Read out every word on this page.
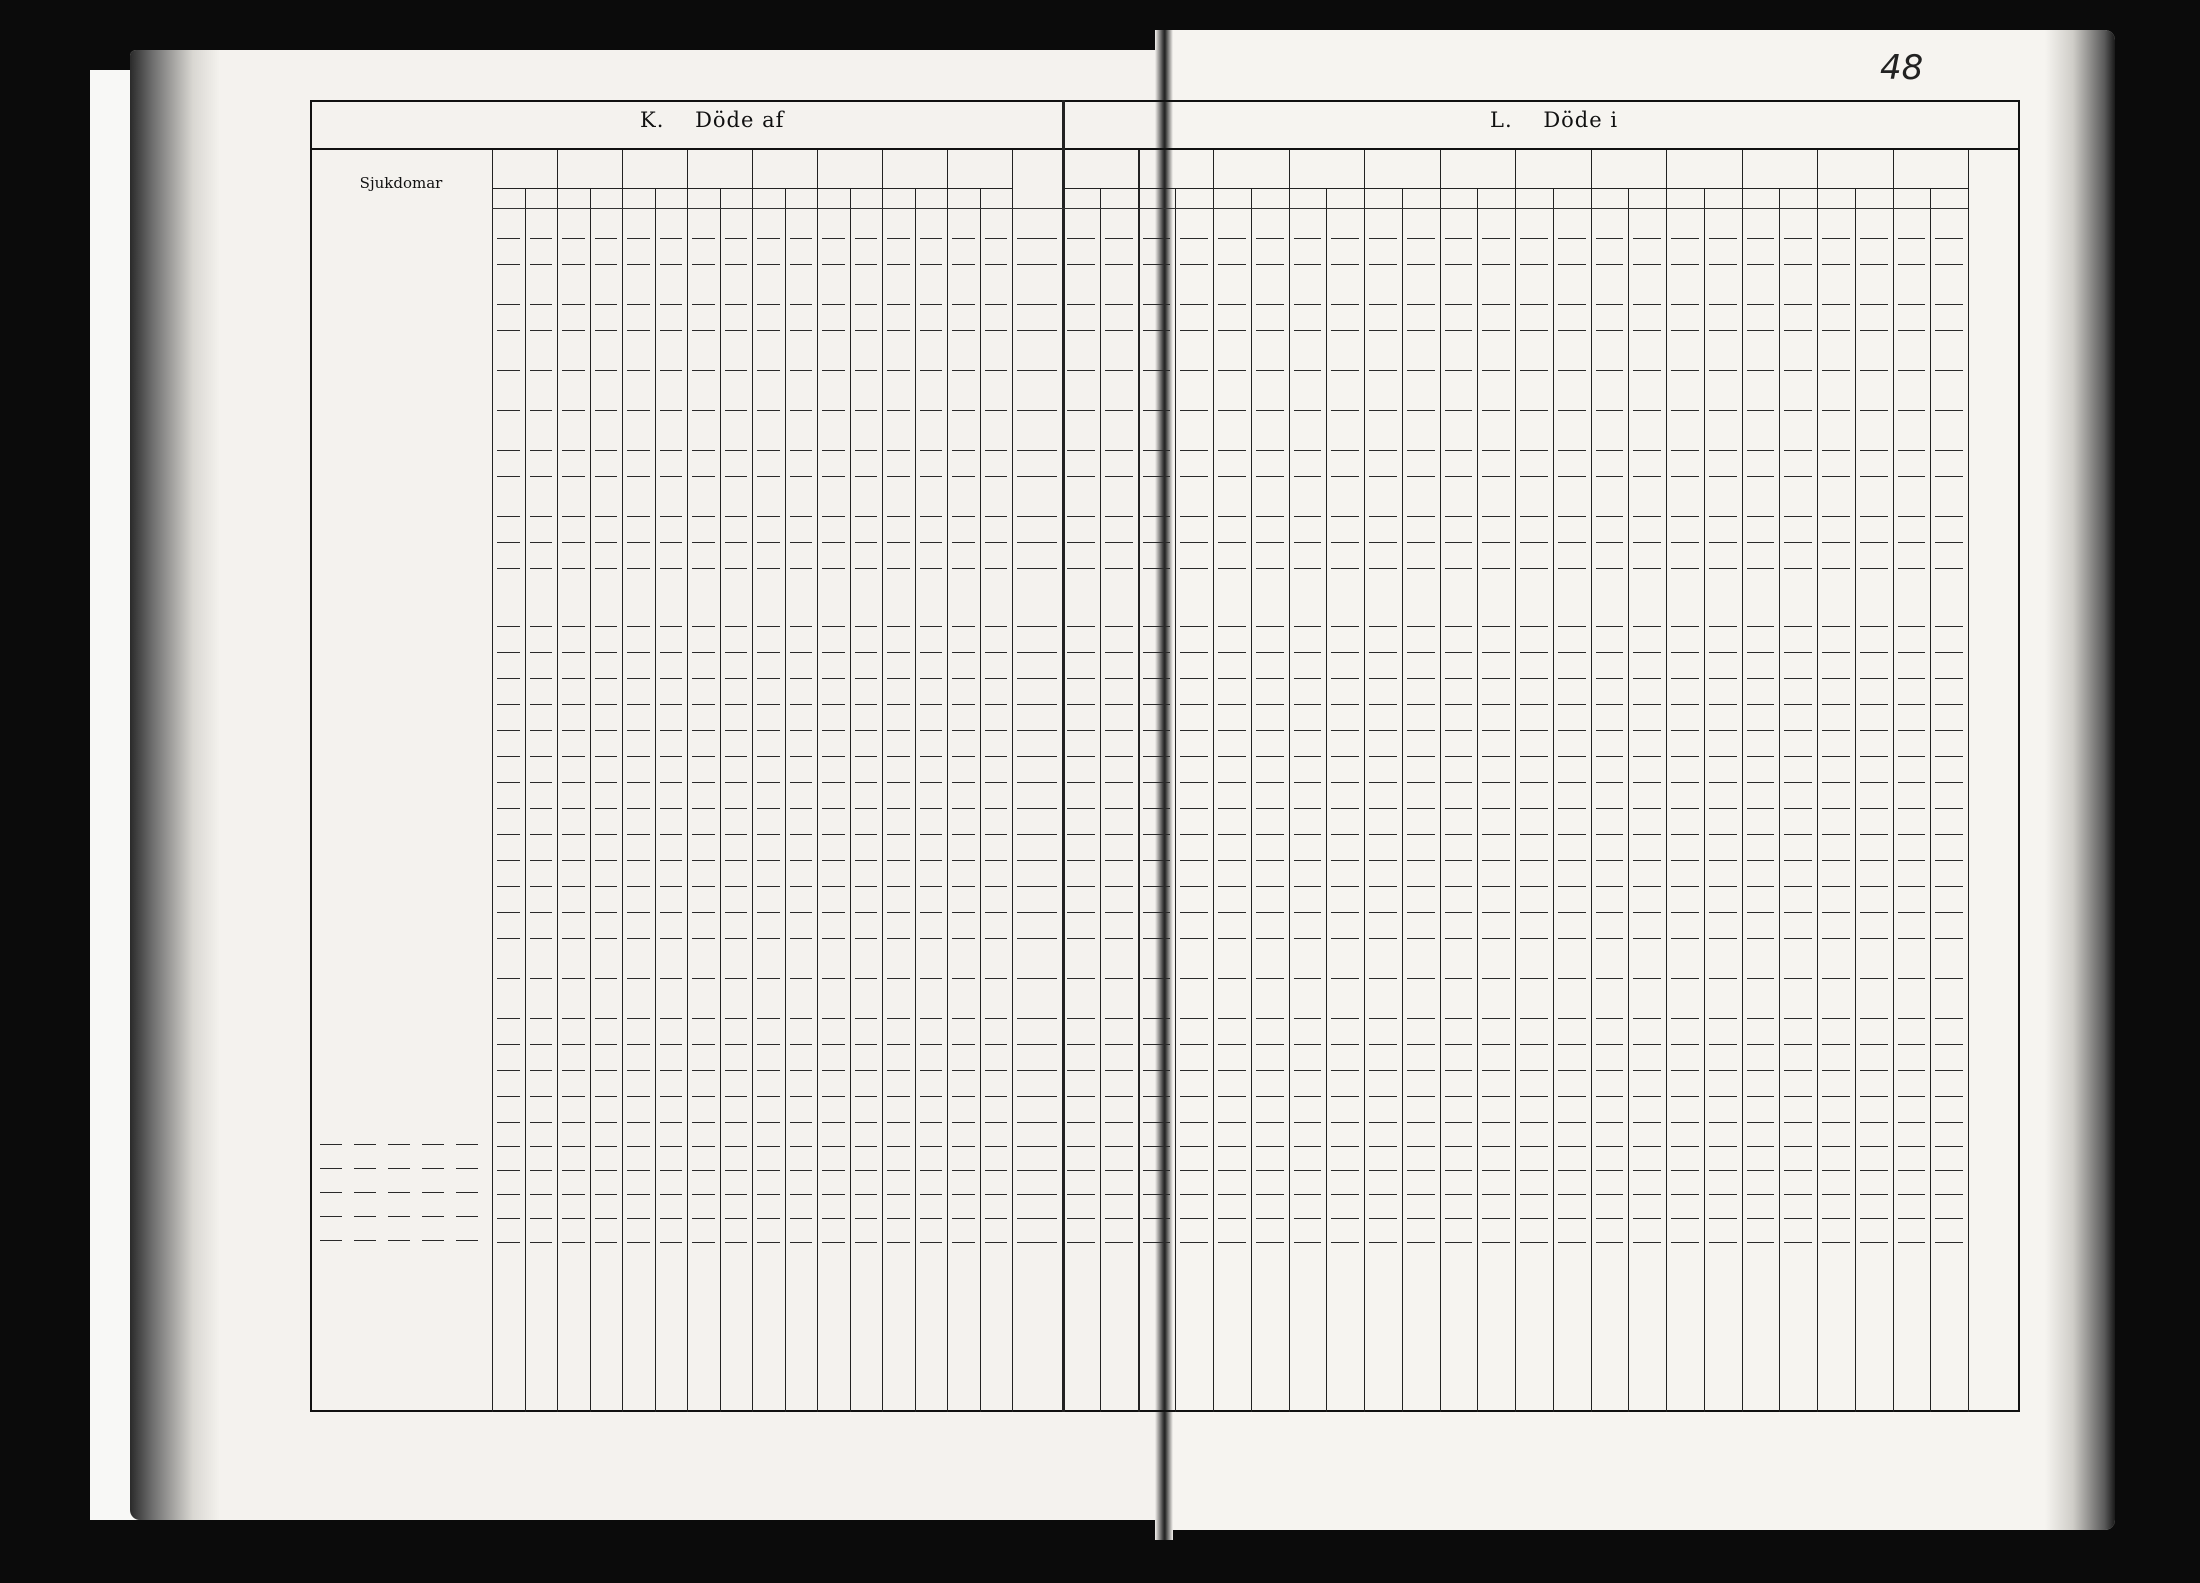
48
K. Döde af	L. Döde i
Sjukdomar
